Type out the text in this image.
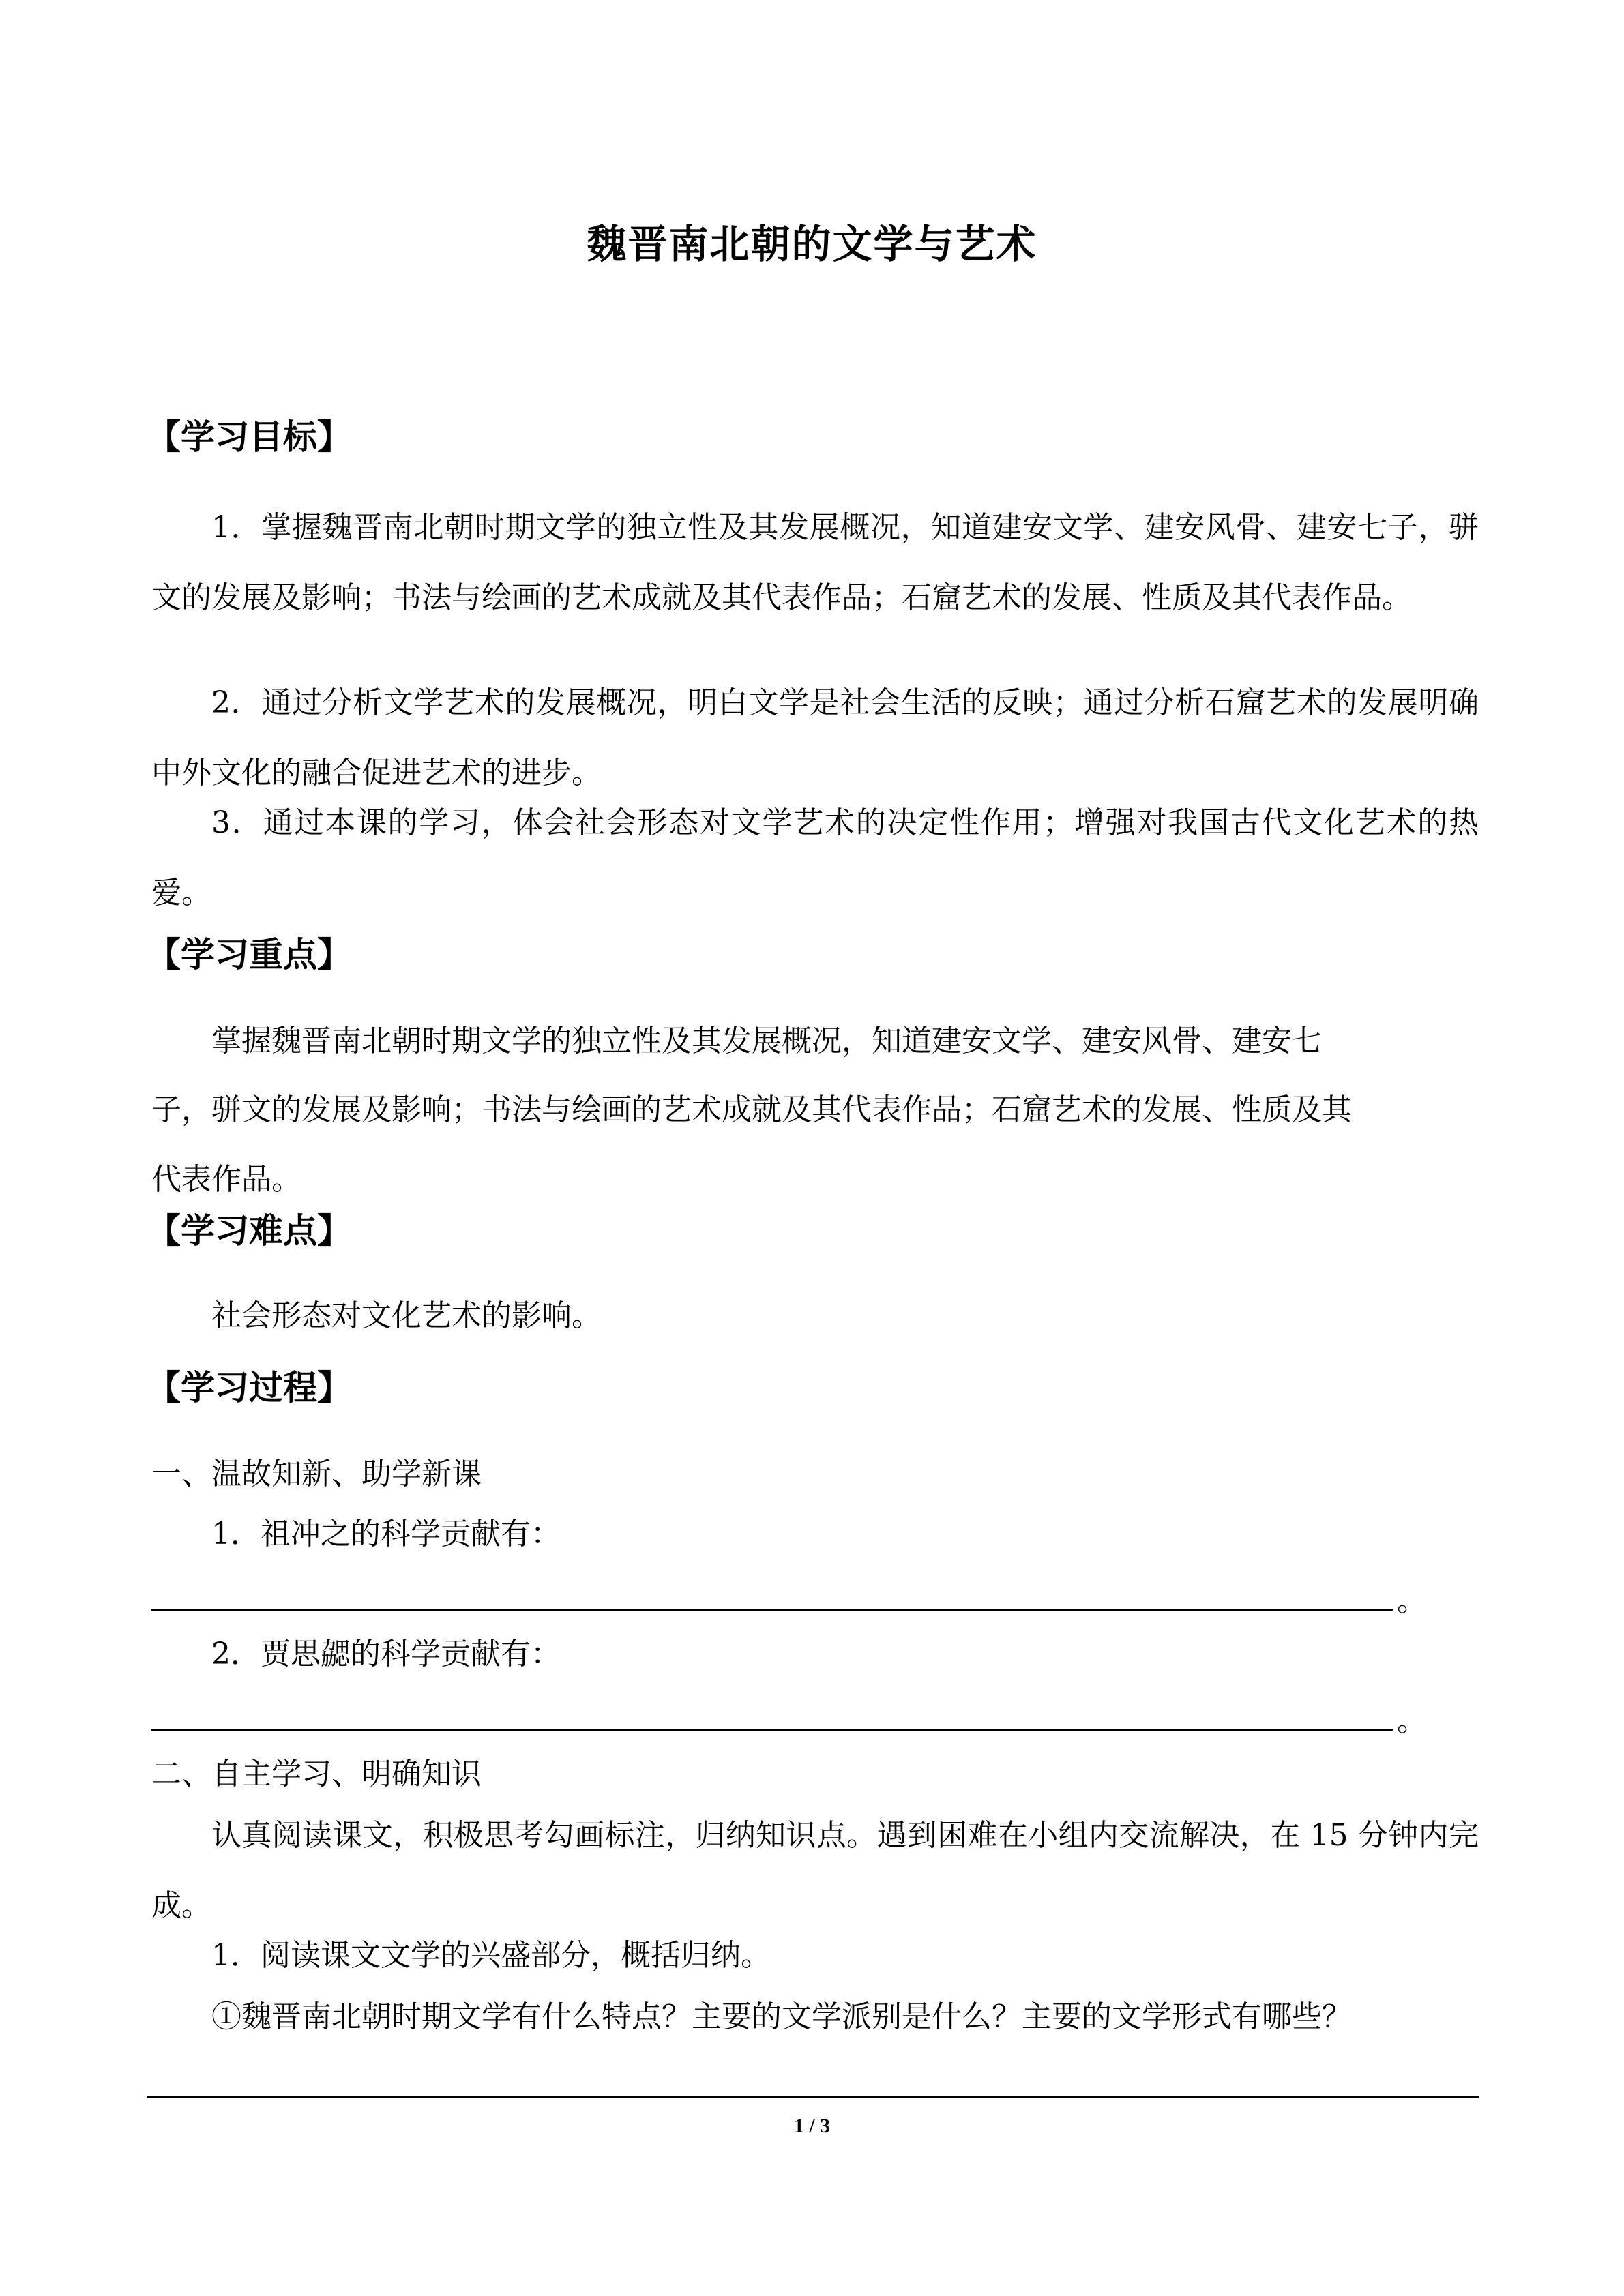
魏晋南北朝的文学与艺术
【学习目标】
1．掌握魏晋南北朝时期文学的独立性及其发展概况，知道建安文学、建安风骨、建安七子，骈文的发展及影响；书法与绘画的艺术成就及其代表作品；石窟艺术的发展、性质及其代表作品。
2．通过分析文学艺术的发展概况，明白文学是社会生活的反映；通过分析石窟艺术的发展明确中外文化的融合促进艺术的进步。
3．通过本课的学习，体会社会形态对文学艺术的决定性作用；增强对我国古代文化艺术的热爱。
【学习重点】
掌握魏晋南北朝时期文学的独立性及其发展概况，知道建安文学、建安风骨、建安七
子，骈文的发展及影响；书法与绘画的艺术成就及其代表作品；石窟艺术的发展、性质及其
代表作品。
【学习难点】
社会形态对文化艺术的影响。
【学习过程】
一、温故知新、助学新课
1．祖冲之的科学贡献有：
。
2．贾思勰的科学贡献有：
。
二、自主学习、明确知识
认真阅读课文，积极思考勾画标注，归纳知识点。遇到困难在小组内交流解决，在 15 分钟内完成。
1．阅读课文文学的兴盛部分，概括归纳。
①魏晋南北朝时期文学有什么特点？主要的文学派别是什么？主要的文学形式有哪些？
1 / 3
